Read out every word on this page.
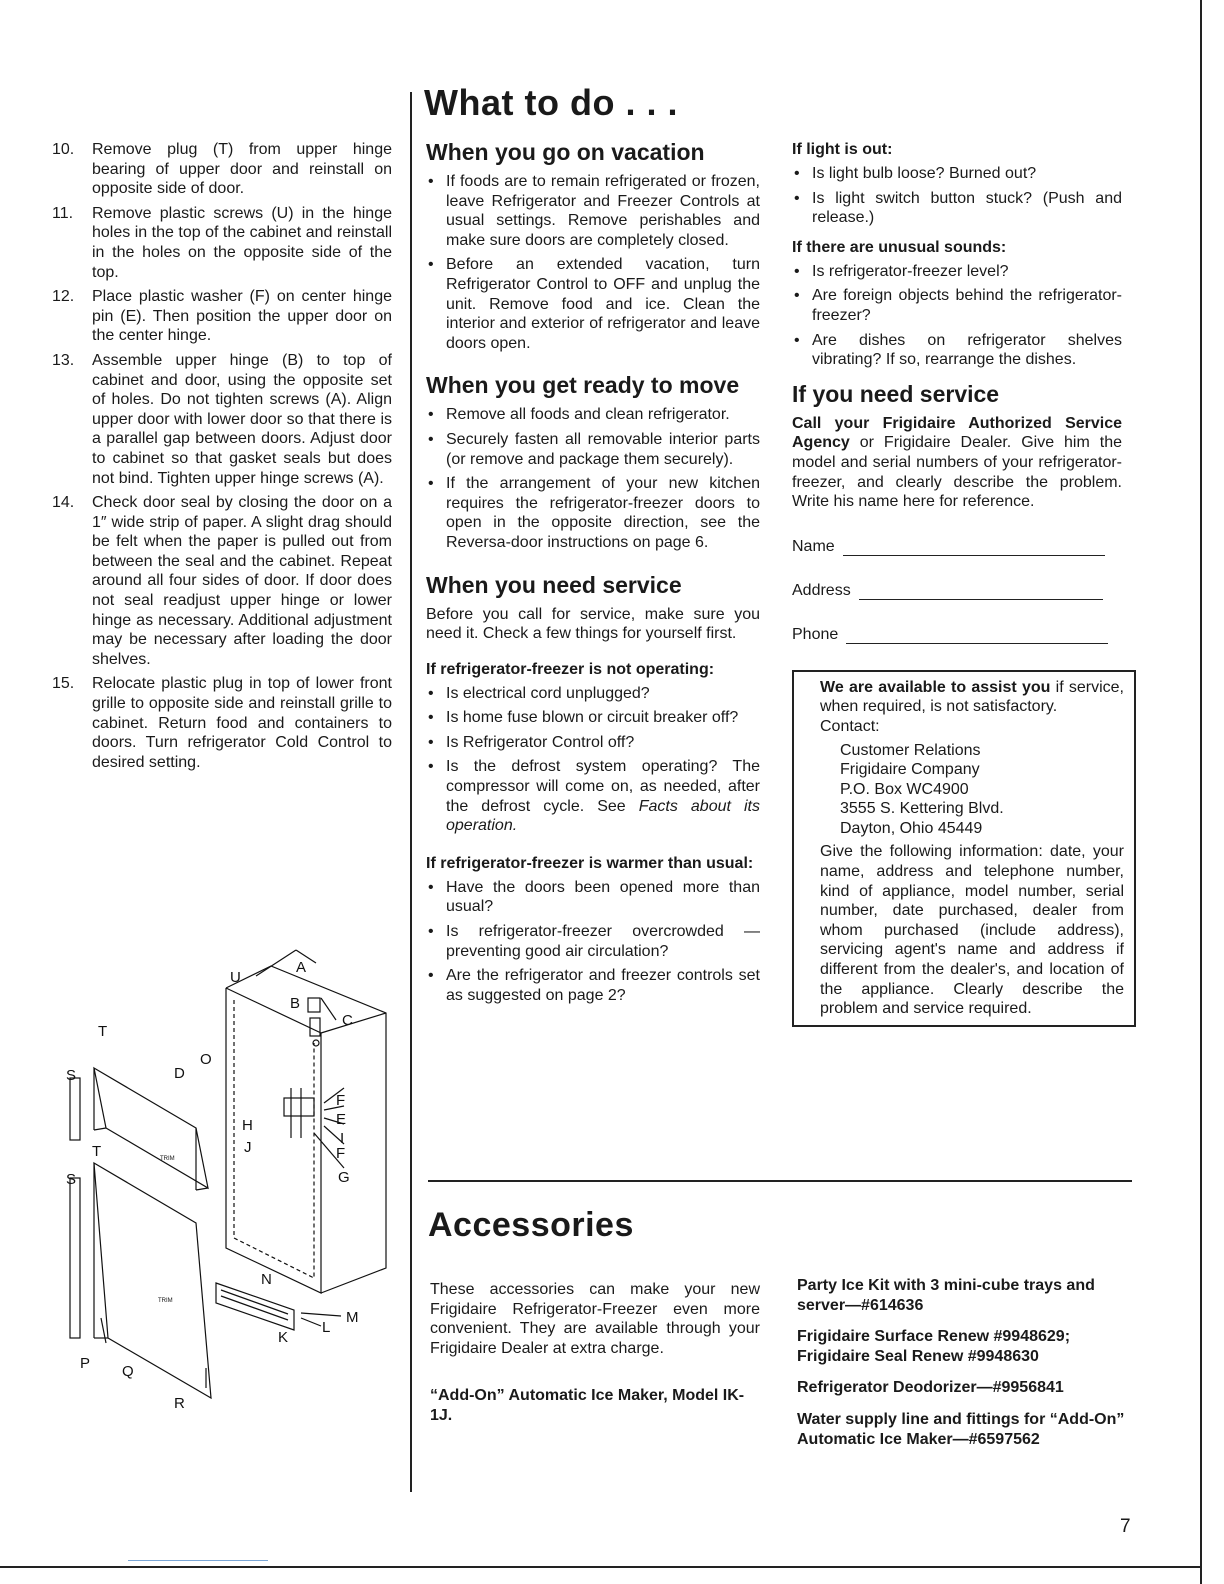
10.	Remove plug (T) from upper hinge bearing of upper door and reinstall on opposite side of door.
11.	Remove plastic screws (U) in the hinge holes in the top of the cabinet and reinstall in the holes on the opposite side of the top.
12.	Place plastic washer (F) on center hinge pin (E). Then position the upper door on the center hinge.
13.	Assemble upper hinge (B) to top of cabinet and door, using the opposite set of holes. Do not tighten screws (A). Align upper door with lower door so that there is a parallel gap between doors. Adjust door to cabinet so that gasket seals but does not bind. Tighten upper hinge screws (A).
14.	Check door seal by closing the door on a 1″ wide strip of paper. A slight drag should be felt when the paper is pulled out from between the seal and the cabinet. Repeat around all four sides of door. If door does not seal readjust upper hinge or lower hinge as necessary. Additional adjustment may be necessary after loading the door shelves.
15.	Relocate plastic plug in top of lower front grille to opposite side and reinstall grille to cabinet. Return food and containers to doors. Turn refrigerator Cold Control to desired setting.
A
B
C
D
E
F
F
G
H
I
J
K
L
M
N
O
P Q
R
S
S
T
T
U
TRIM
TRIM
What to do . . .
When you go on vacation
• If foods are to remain refrigerated or frozen, leave Refrigerator and Freezer Controls at usual settings. Remove perishables and make sure doors are completely closed.
• Before an extended vacation, turn Refrigerator Control to OFF and unplug the unit. Remove food and ice. Clean the interior and exterior of refrigerator and leave doors open.
When you get ready to move
• Remove all foods and clean refrigerator.
• Securely fasten all removable interior parts (or remove and package them securely).
• If the arrangement of your new kitchen requires the refrigerator-freezer doors to open in the opposite direction, see the Reversa-door instructions on page 6.
When you need service

Before you call for service, make sure you need it. Check a few things for yourself first.

If refrigerator-freezer is not operating:
• Is electrical cord unplugged?
• Is home fuse blown or circuit breaker off?
• Is Refrigerator Control off?
• Is the defrost system operating? The compressor will come on, as needed, after the defrost cycle. See Facts about its operation.
If refrigerator-freezer is warmer than usual:
• Have the doors been opened more than usual?
• Is refrigerator-freezer overcrowded — preventing good air circulation?
• Are the refrigerator and freezer controls set as suggested on page 2?
If light is out:
• Is light bulb loose? Burned out?
• Is light switch button stuck? (Push and release.)
If there are unusual sounds:
• Is refrigerator-freezer level?
• Are foreign objects behind the refrigerator-freezer?
• Are dishes on refrigerator shelves vibrating? If so, rearrange the dishes.
If you need service

Call your Frigidaire Authorized Service Agency or Frigidaire Dealer. Give him the model and serial numbers of your refrigerator-freezer, and clearly describe the problem. Write his name here for reference.

Name
Address
Phone

We are available to assist you if service, when required, is not satisfactory.

Contact:

Customer Relations
Frigidaire Company
P.O. Box WC4900
3555 S. Kettering Blvd.
Dayton, Ohio 45449

Give the following information: date, your name, address and telephone number, kind of appliance, model number, serial number, date purchased, dealer from whom purchased (include address), servicing agent's name and address if different from the dealer's, and location of the appliance. Clearly describe the problem and service required.

Accessories

These accessories can make your new Frigidaire Refrigerator-Freezer even more convenient. They are available through your Frigidaire Dealer at extra charge.

“Add-On” Automatic Ice Maker, Model IK-1J.

Party Ice Kit with 3 mini-cube trays and server—#614636

Frigidaire Surface Renew #9948629; Frigidaire Seal Renew #9948630

Refrigerator Deodorizer—#9956841

Water supply line and fittings for “Add-On” Automatic Ice Maker—#6597562

7
